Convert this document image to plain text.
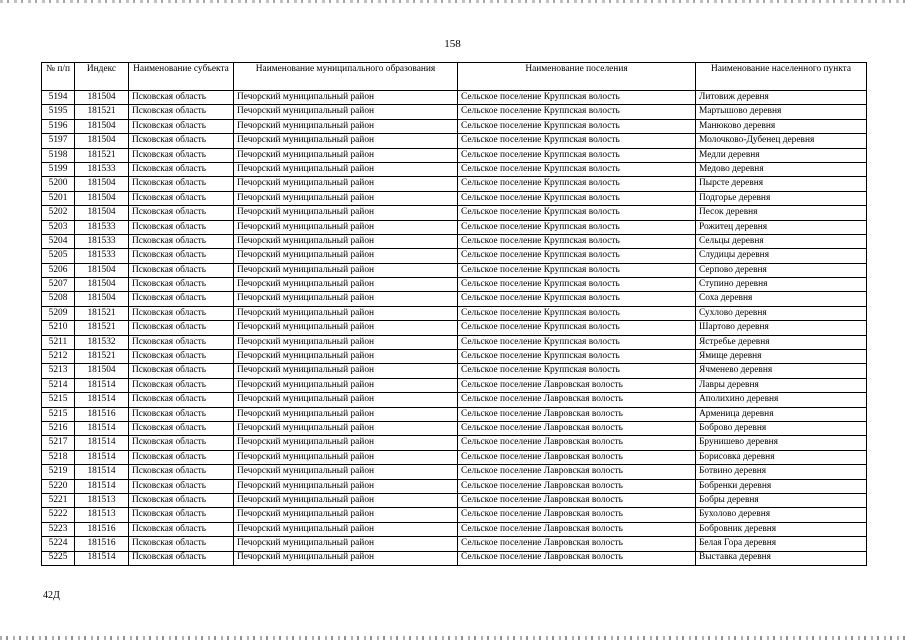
158
№ п/п	Индекс	Наименование субъекта	Наименование муниципального образования	Наименование поселения	Наименование населенного пункта
5194	181504	Псковская область	Печорский муниципальный район	Сельское поселение Круппская волость	Литовиж деревня
5195	181521	Псковская область	Печорский муниципальный район	Сельское поселение Круппская волость	Мартышово деревня
5196	181504	Псковская область	Печорский муниципальный район	Сельское поселение Круппская волость	Манюково деревня
5197	181504	Псковская область	Печорский муниципальный район	Сельское поселение Круппская волость	Молочково-Дубенец деревня
5198	181521	Псковская область	Печорский муниципальный район	Сельское поселение Круппская волость	Медли деревня
5199	181533	Псковская область	Печорский муниципальный район	Сельское поселение Круппская волость	Медово деревня
5200	181504	Псковская область	Печорский муниципальный район	Сельское поселение Круппская волость	Пырсте деревня
5201	181504	Псковская область	Печорский муниципальный район	Сельское поселение Круппская волость	Подгорье деревня
5202	181504	Псковская область	Печорский муниципальный район	Сельское поселение Круппская волость	Песок деревня
5203	181533	Псковская область	Печорский муниципальный район	Сельское поселение Круппская волость	Рожитец деревня
5204	181533	Псковская область	Печорский муниципальный район	Сельское поселение Круппская волость	Сельцы деревня
5205	181533	Псковская область	Печорский муниципальный район	Сельское поселение Круппская волость	Слудицы деревня
5206	181504	Псковская область	Печорский муниципальный район	Сельское поселение Круппская волость	Серпово деревня
5207	181504	Псковская область	Печорский муниципальный район	Сельское поселение Круппская волость	Ступино деревня
5208	181504	Псковская область	Печорский муниципальный район	Сельское поселение Круппская волость	Соха деревня
5209	181521	Псковская область	Печорский муниципальный район	Сельское поселение Круппская волость	Сухлово деревня
5210	181521	Псковская область	Печорский муниципальный район	Сельское поселение Круппская волость	Шартово деревня
5211	181532	Псковская область	Печорский муниципальный район	Сельское поселение Круппская волость	Ястребье деревня
5212	181521	Псковская область	Печорский муниципальный район	Сельское поселение Круппская волость	Ямище деревня
5213	181504	Псковская область	Печорский муниципальный район	Сельское поселение Круппская волость	Ячменево деревня
5214	181514	Псковская область	Печорский муниципальный район	Сельское поселение Лавровская волость	Лавры деревня
5215	181514	Псковская область	Печорский муниципальный район	Сельское поселение Лавровская волость	Аполихино деревня
5215	181516	Псковская область	Печорский муниципальный район	Сельское поселение Лавровская волость	Арменица деревня
5216	181514	Псковская область	Печорский муниципальный район	Сельское поселение Лавровская волость	Боброво деревня
5217	181514	Псковская область	Печорский муниципальный район	Сельское поселение Лавровская волость	Брунишево деревня
5218	181514	Псковская область	Печорский муниципальный район	Сельское поселение Лавровская волость	Борисовка деревня
5219	181514	Псковская область	Печорский муниципальный район	Сельское поселение Лавровская волость	Ботвино деревня
5220	181514	Псковская область	Печорский муниципальный район	Сельское поселение Лавровская волость	Бобренки деревня
5221	181513	Псковская область	Печорский муниципальный район	Сельское поселение Лавровская волость	Бобры деревня
5222	181513	Псковская область	Печорский муниципальный район	Сельское поселение Лавровская волость	Бухолово деревня
5223	181516	Псковская область	Печорский муниципальный район	Сельское поселение Лавровская волость	Бобровник деревня
5224	181516	Псковская область	Печорский муниципальный район	Сельское поселение Лавровская волость	Белая Гора деревня
5225	181514	Псковская область	Печорский муниципальный район	Сельское поселение Лавровская волость	Выставка деревня
42Д
